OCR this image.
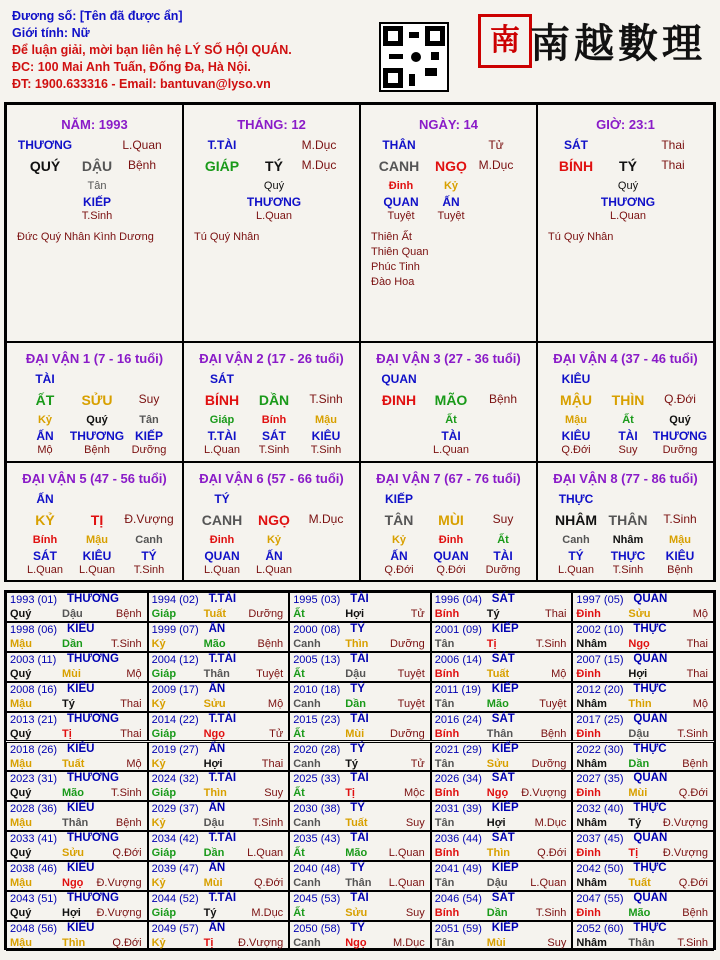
Đương số: [Tên đã được ẩn]
Giới tính: Nữ
Để luận giải, mời bạn liên hệ LÝ SỐ HỘI QUÁN.
ĐC: 100 Mai Anh Tuấn, Đống Đa, Hà Nội.
ĐT: 1900.633316 - Email: bantuvan@lyso.vn
南 南越數理
NĂM: 1993
THƯƠNG	L.Quan
QUÝ DẬU Bệnh
Tân
KIẾP
T.Sinh
Đức Quý Nhân Kình Dương
THÁNG: 12
T.TÀI	M.Dục
GIÁP TÝ M.Dục
Quý
THƯƠNG
L.Quan
Tú Quý Nhân
NGÀY: 14
THÂN	Tử
CANH NGỌ M.Dục
Đinh
QUAN
Tuyệt
Kỷ
ẤN
Tuyệt
Thiên Ất
Thiên Quan
Phúc Tinh
Đào Hoa
GIỜ: 23:1
SÁT	Thai
BÍNH TÝ Thai
Quý
THƯƠNG
L.Quan
Tú Quý Nhân
ĐẠI VẬN 1 (7 - 16 tuổi)
TÀI
ẤT SỬU Suy
Kỷ
ẤN
Mộ
Quý
THƯƠNG
Bệnh
Tân
KIẾP
Dưỡng
ĐẠI VẬN 2 (17 - 26 tuổi)
SÁT
BÍNH DẦN T.Sinh
Giáp
T.TÀI
L.Quan
Bính
SÁT
T.Sinh
Mậu
KIÊU
T.Sinh
ĐẠI VẬN 3 (27 - 36 tuổi)
QUAN
ĐINH MÃO Bệnh
Ất
TÀI
L.Quan
ĐẠI VẬN 4 (37 - 46 tuổi)
KIÊU
MẬU THÌN Q.Đới
Mậu
KIÊU
Q.Đới
Ất
TÀI
Suy
Quý
THƯƠNG
Dưỡng
ĐẠI VẬN 5 (47 - 56 tuổi)
ẤN
KỶ	TỊ Đ.Vượng
Bính
SÁT
L.Quan
Mậu
KIÊU
L.Quan
Canh
TÝ
T.Sinh
ĐẠI VẬN 6 (57 - 66 tuổi)
TÝ
CANH NGỌ M.Dục
Đinh
QUAN
L.Quan
Kỷ
ẤN
L.Quan
ĐẠI VẬN 7 (67 - 76 tuổi)
KIẾP
TÂN MÙI Suy
Kỷ
ẤN
Q.Đới
Đinh
QUAN
Q.Đới
Ất
TÀI
Dưỡng
ĐẠI VẬN 8 (77 - 86 tuổi)
THỰC
NHÂM THÂN T.Sinh
Canh
TÝ
L.Quan
Nhâm
THỰC
T.Sinh
Mậu
KIÊU
Bệnh
1993 (01) THƯƠNG
Quý	Dậu	Bệnh
1994 (02) T.TÀI
Giáp	Tuất Dưỡng
1995 (03) TÀI
Ất	Hợi	Tử
1996 (04) SÁT
Bính	Tý	Thai
1997 (05) QUAN
Đinh	Sửu	Mộ
1998 (06) KIÊU
Mậu	Dần	T.Sinh
1999 (07) ẤN
Kỷ	Mão	Bệnh
2000 (08) TÝ
Canh Thìn Dưỡng
2001 (09) KIẾP
Tân	Tị	T.Sinh
2002 (10) THỰC
Nhâm Ngọ	Thai
2003 (11) THƯƠNG
Quý	Mùi	Mộ
2004 (12) T.TÀI
Giáp	Thân Tuyệt
2005 (13) TÀI
Ất	Dậu	Tuyệt
2006 (14) SÁT
Bính	Tuất	Mộ
2007 (15) QUAN
Đinh	Hợi	Thai
2008 (16) KIÊU
Mậu	Tý	Thai
2009 (17) ẤN
Kỷ	Sửu	Mộ
2010 (18) TÝ
Canh Dần	Tuyệt
2011 (19) KIẾP
Tân	Mão	Tuyệt
2012 (20) THỰC
Nhâm Thìn	Mộ
2013 (21) THƯƠNG
Quý	Tị	Thai
2014 (22) T.TÀI
Giáp	Ngọ	Tử
2015 (23) TÀI
Ất	Mùi Dưỡng
2016 (24) SÁT
Bính	Thân	Bệnh
2017 (25) QUAN
Đinh	Dậu	T.Sinh
2018 (26) KIÊU
Mậu	Tuất	Mộ
2019 (27) ẤN
Kỷ	Hợi	Thai
2020 (28) TÝ
Canh Tý	Tử
2021 (29) KIẾP
Tân	Sửu Dưỡng
2022 (30) THỰC
Nhâm Dần	Bệnh
2023 (31) THƯƠNG
Quý	Mão T.Sinh
2024 (32) T.TÀI
Giáp	Thìn	Suy
2025 (33) TÀI
Ất	Tị	Mộc
2026 (34) SÁT
Bính	Ngọ Đ.Vượng
2027 (35) QUAN
Đinh	Mùi	Q.Đới
2028 (36) KIÊU
Mậu	Thân	Bệnh
2029 (37) ẤN
Kỷ	Dậu	T.Sinh
2030 (38) TÝ
Canh Tuất	Suy
2031 (39) KIẾP
Tân	Hợi	M.Dục
2032 (40) THỰC
Nhâm Tý Đ.Vượng
2033 (41) THƯƠNG
Quý	Sửu	Q.Đới
2034 (42) T.TÀI
Giáp	Dần L.Quan
2035 (43) TÀI
Ất	Mão L.Quan
2036 (44) SÁT
Bính	Thìn Q.Đới
2037 (45) QUAN
Đinh	Tị Đ.Vượng
2038 (46) KIÊU
Mậu	Ngọ Đ.Vượng
2039 (47) ẤN
Kỷ	Mùi	Q.Đới
2040 (48) TÝ
Canh Thân L.Quan
2041 (49) KIẾP
Tân	Dậu L.Quan
2042 (50) THỰC
Nhâm Tuất	Q.Đới
2043 (51) THƯƠNG
Quý	Hợi Đ.Vượng
2044 (52) T.TÀI
Giáp	Tý	M.Dục
2045 (53) TÀI
Ất	Sửu	Suy
2046 (54) SÁT
Bính	Dần	T.Sinh
2047 (55) QUAN
Đinh	Mão	Bệnh
2048 (56) KIÊU
Mậu	Thìn Q.Đới
2049 (57) ẤN
Kỷ	Tị Đ.Vượng
2050 (58) TÝ
Canh Ngọ M.Dục
2051 (59) KIẾP
Tân	Mùi	Suy
2052 (60) THỰC
Nhâm Thân T.Sinh
